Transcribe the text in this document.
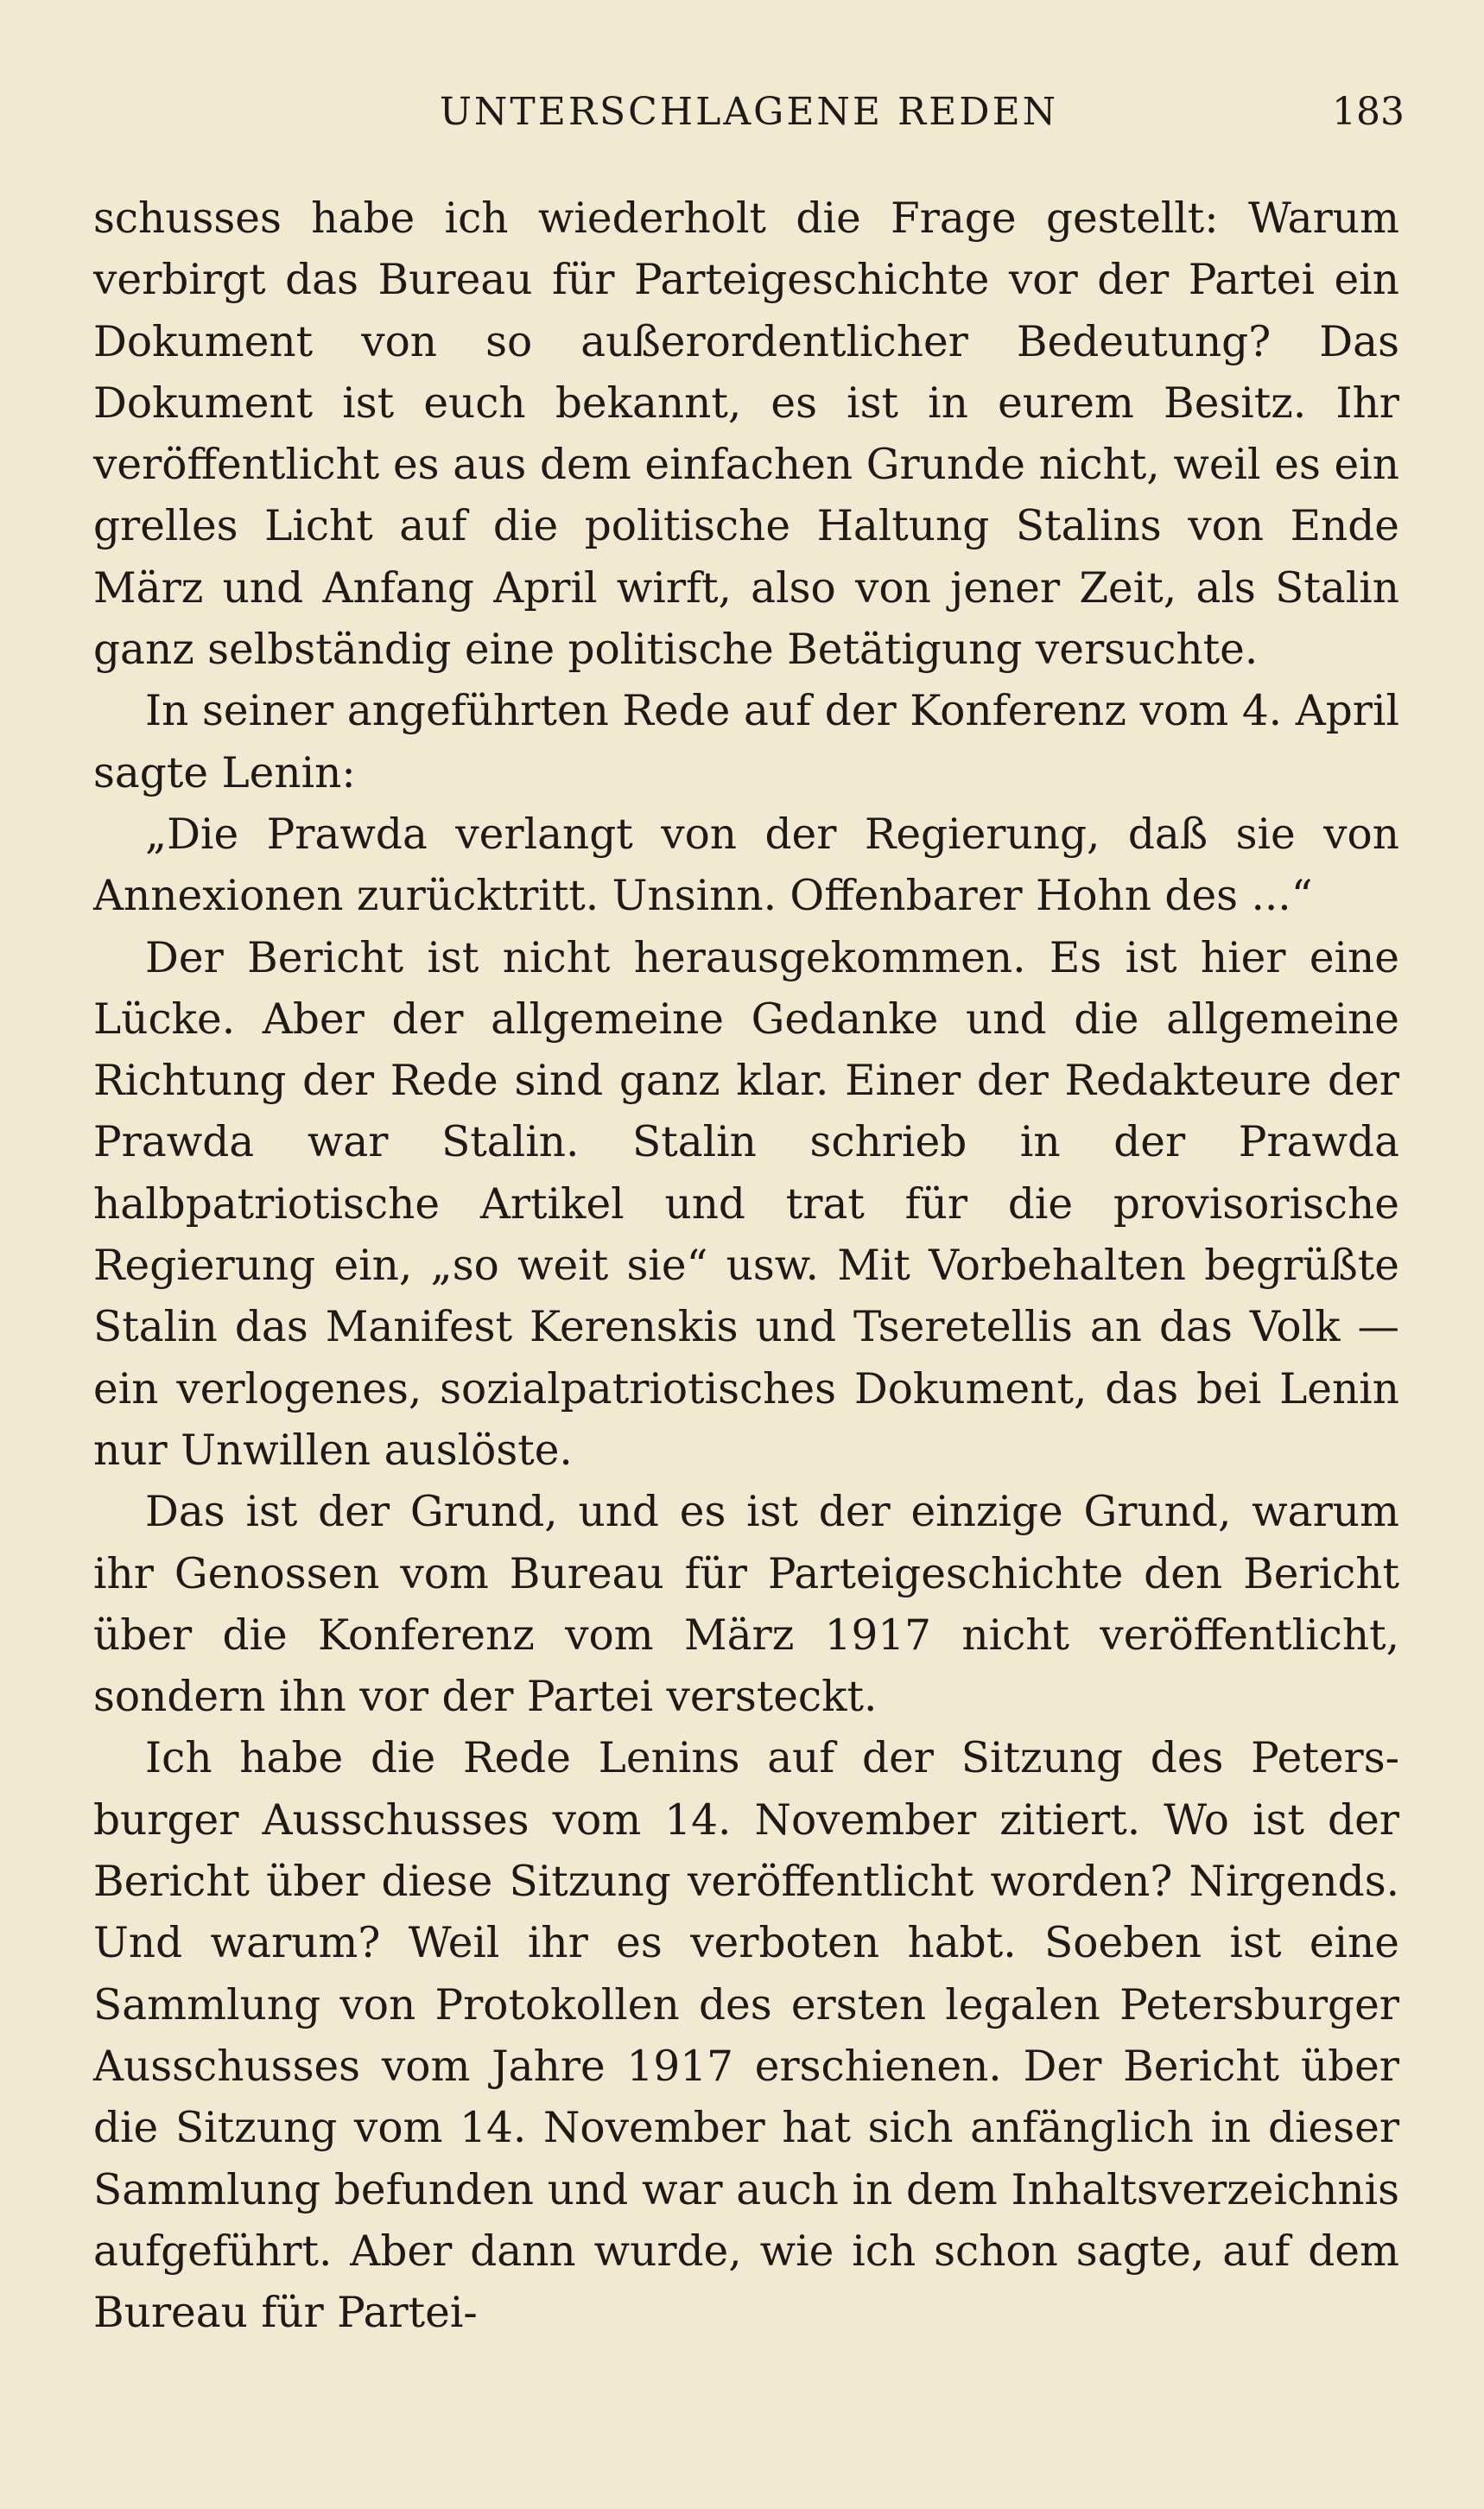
UNTERSCHLAGENE REDEN	183

schusses habe ich wiederholt die Frage gestellt: Warum verbirgt das Bureau für Parteigeschichte vor der Partei ein Dokument von so außerordentlicher Bedeutung? Das Dokument ist euch bekannt, es ist in eurem Besitz. Ihr veröffentlicht es aus dem einfachen Grunde nicht, weil es ein grelles Licht auf die politische Haltung Stalins von Ende März und Anfang April wirft, also von jener Zeit, als Stalin ganz selbständig eine politische Betätigung versuchte.

In seiner angeführten Rede auf der Konferenz vom 4. April sagte Lenin:

„Die Prawda verlangt von der Regierung, daß sie von Annexionen zurücktritt. Unsinn. Offenbarer Hohn des ...“

Der Bericht ist nicht herausgekommen. Es ist hier eine Lücke. Aber der allgemeine Gedanke und die allgemeine Richtung der Rede sind ganz klar. Einer der Redakteure der Prawda war Stalin. Stalin schrieb in der Prawda halbpatriotische Artikel und trat für die provisorische Regierung ein, „so weit sie“ usw. Mit Vorbehalten begrüßte Stalin das Manifest Kerenskis und Tseretellis an das Volk — ein verlogenes, sozialpatriotisches Dokument, das bei Lenin nur Unwillen auslöste.

Das ist der Grund, und es ist der einzige Grund, warum ihr Genossen vom Bureau für Parteigeschichte den Bericht über die Konferenz vom März 1917 nicht veröffentlicht, sondern ihn vor der Partei versteckt.

Ich habe die Rede Lenins auf der Sitzung des Petersburger Ausschusses vom 14. November zitiert. Wo ist der Bericht über diese Sitzung veröffentlicht worden? Nirgends. Und warum? Weil ihr es verboten habt. Soeben ist eine Sammlung von Protokollen des ersten legalen Petersburger Ausschusses vom Jahre 1917 erschienen. Der Bericht über die Sitzung vom 14. November hat sich anfänglich in dieser Sammlung befunden und war auch in dem Inhaltsverzeichnis aufgeführt. Aber dann wurde, wie ich schon sagte, auf dem Bureau für Partei-
